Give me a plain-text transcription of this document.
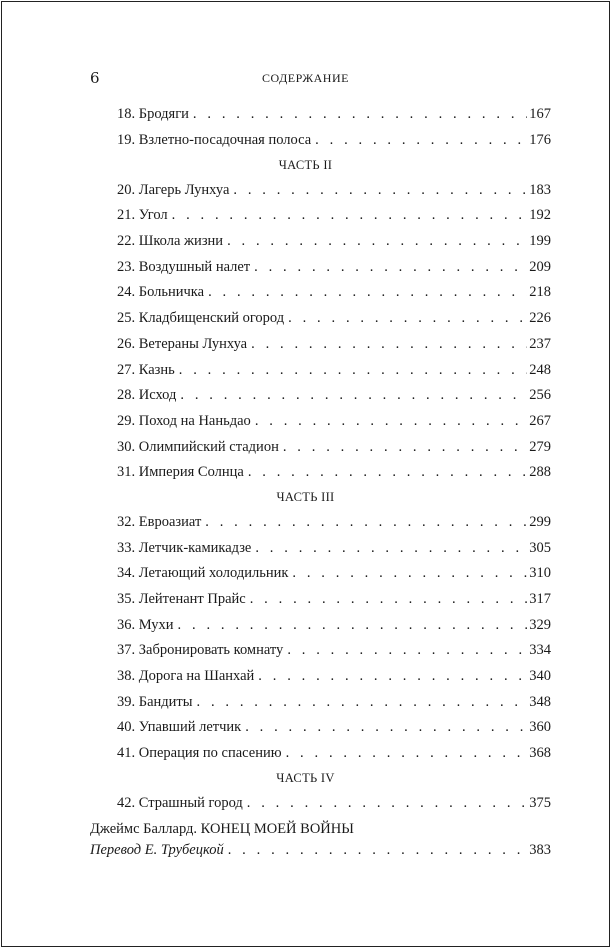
6	СОДЕРЖАНИЕ
18. Бродяги . . .	167
19. Взлетно-посадочная полоса . . .	176
ЧАСТЬ II
20. Лагерь Лунхуа . . .	183
21. Угол . . .	192
22. Школа жизни . . .	199
23. Воздушный налет . . .	209
24. Больничка . . .	218
25. Кладбищенский огород . . .	226
26. Ветераны Лунхуа . . .	237
27. Казнь . . .	248
28. Исход . . .	256
29. Поход на Наньдао . . .	267
30. Олимпийский стадион . . .	279
31. Империя Солнца . . .	288
ЧАСТЬ III
32. Евроазиат . . .	299
33. Летчик-камикадзе . . .	305
34. Летающий холодильник . . .	310
35. Лейтенант Прайс . . .	317
36. Мухи . . .	329
37. Забронировать комнату . . .	334
38. Дорога на Шанхай . . .	340
39. Бандиты . . .	348
40. Упавший летчик . . .	360
41. Операция по спасению . . .	368
ЧАСТЬ IV
42. Страшный город . . .	375
Джеймс Баллард. КОНЕЦ МОЕЙ ВОЙНЫ
Перевод Е. Трубецкой . . .	383
